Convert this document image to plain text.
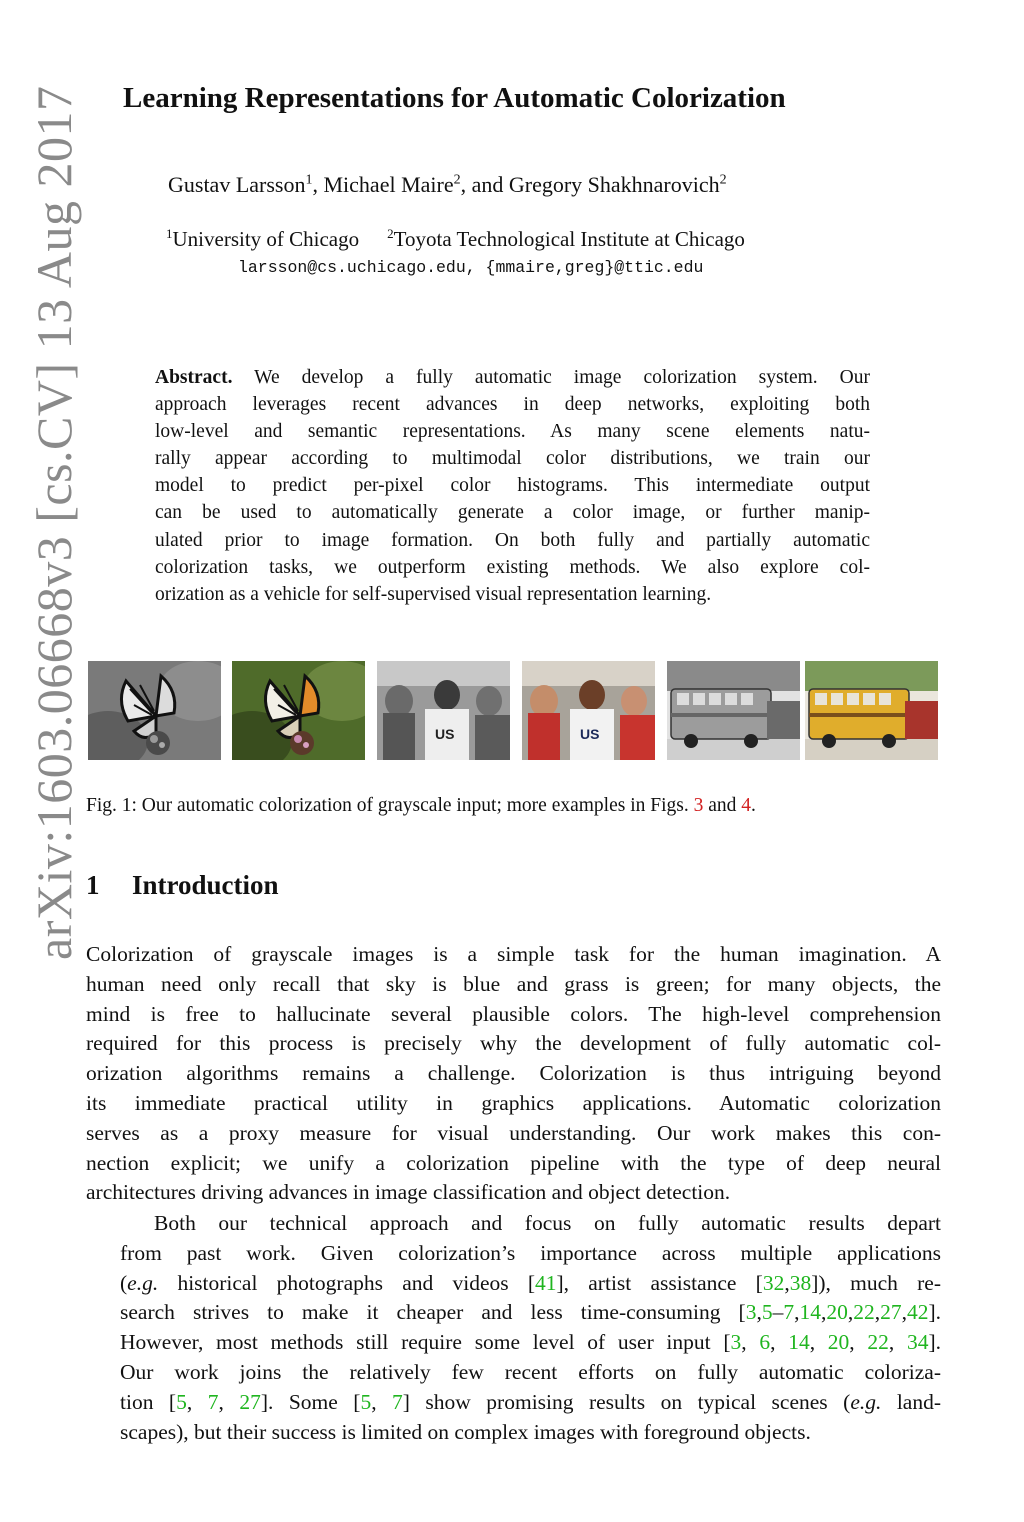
arXiv:1603.06668v3 [cs.CV] 13 Aug 2017	Learning Representations for Automatic Colorization
Gustav Larsson$^1$, Michael Maire$^2$, and Gregory Shakhnarovich$^2$
$^1$University of Chicago $^2$Toyota Technological Institute at Chicago
larsson@cs.uchicago.edu, {mmaire,greg}@ttic.edu
Abstract. We develop a fully automatic image colorization system. Our
approach leverages recent advances in deep networks, exploiting both
low-level and semantic representations. As many scene elements natu-
rally appear according to multimodal color distributions, we train our
model to predict per-pixel color histograms. This intermediate output
can be used to automatically generate a color image, or further manip-
ulated prior to image formation. On both fully and partially automatic
colorization tasks, we outperform existing methods. We also explore col-
orization as a vehicle for self-supervised visual representation learning.
US	US
Fig. 1: Our automatic colorization of grayscale input; more examples in Figs. 3 and 4.
1 Introduction
Colorization of grayscale images is a simple task for the human imagination. A
human need only recall that sky is blue and grass is green; for many objects, the
mind is free to hallucinate several plausible colors. The high-level comprehension
required for this process is precisely why the development of fully automatic col-
orization algorithms remains a challenge. Colorization is thus intriguing beyond
its immediate practical utility in graphics applications. Automatic colorization
serves as a proxy measure for visual understanding. Our work makes this con-
nection explicit; we unify a colorization pipeline with the type of deep neural
architectures driving advances in image classification and object detection.
Both our technical approach and focus on fully automatic results depart
from past work. Given colorization’s importance across multiple applications
(e.g. historical photographs and videos [41], artist assistance [32,38]), much re-
search strives to make it cheaper and less time-consuming [3,5–7,14,20,22,27,42].
However, most methods still require some level of user input [3, 6, 14, 20, 22, 34].
Our work joins the relatively few recent efforts on fully automatic coloriza-
tion [5, 7, 27]. Some [5, 7] show promising results on typical scenes (e.g. land-
scapes), but their success is limited on complex images with foreground objects.
